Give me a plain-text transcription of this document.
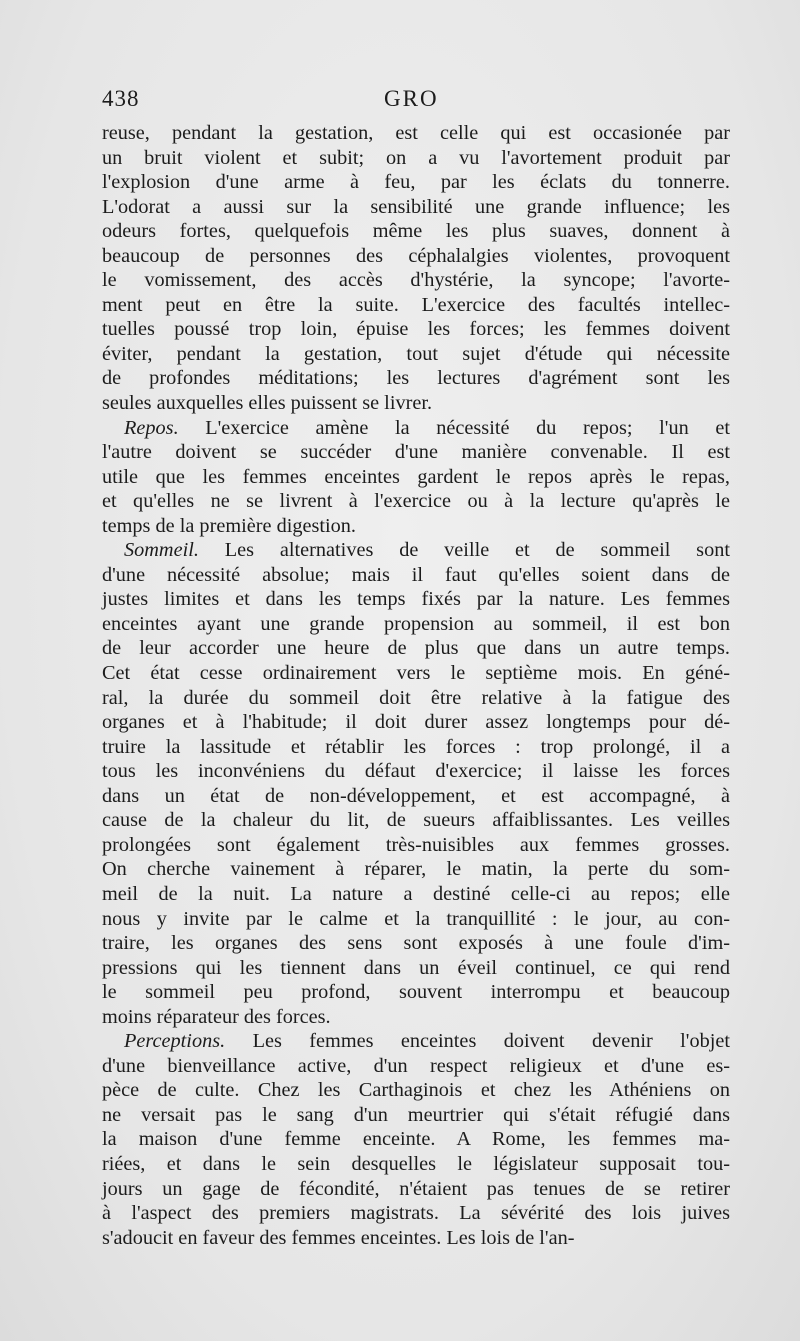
438	GRO
reuse, pendant la gestation, est celle qui est occasionée par
un bruit violent et subit; on a vu l'avortement produit par
l'explosion d'une arme à feu, par les éclats du tonnerre.
L'odorat a aussi sur la sensibilité une grande influence; les
odeurs fortes, quelquefois même les plus suaves, donnent à
beaucoup de personnes des céphalalgies violentes, provoquent
le vomissement, des accès d'hystérie, la syncope; l'avorte-
ment peut en être la suite. L'exercice des facultés intellec-
tuelles poussé trop loin, épuise les forces; les femmes doivent
éviter, pendant la gestation, tout sujet d'étude qui nécessite
de profondes méditations; les lectures d'agrément sont les
seules auxquelles elles puissent se livrer.
Repos. L'exercice amène la nécessité du repos; l'un et
l'autre doivent se succéder d'une manière convenable. Il est
utile que les femmes enceintes gardent le repos après le repas,
et qu'elles ne se livrent à l'exercice ou à la lecture qu'après le
temps de la première digestion.
Sommeil. Les alternatives de veille et de sommeil sont
d'une nécessité absolue; mais il faut qu'elles soient dans de
justes limites et dans les temps fixés par la nature. Les femmes
enceintes ayant une grande propension au sommeil, il est bon
de leur accorder une heure de plus que dans un autre temps.
Cet état cesse ordinairement vers le septième mois. En géné-
ral, la durée du sommeil doit être relative à la fatigue des
organes et à l'habitude; il doit durer assez longtemps pour dé-
truire la lassitude et rétablir les forces : trop prolongé, il a
tous les inconvéniens du défaut d'exercice; il laisse les forces
dans un état de non-développement, et est accompagné, à
cause de la chaleur du lit, de sueurs affaiblissantes. Les veilles
prolongées sont également très-nuisibles aux femmes grosses.
On cherche vainement à réparer, le matin, la perte du som-
meil de la nuit. La nature a destiné celle-ci au repos; elle
nous y invite par le calme et la tranquillité : le jour, au con-
traire, les organes des sens sont exposés à une foule d'im-
pressions qui les tiennent dans un éveil continuel, ce qui rend
le sommeil peu profond, souvent interrompu et beaucoup
moins réparateur des forces.
Perceptions. Les femmes enceintes doivent devenir l'objet
d'une bienveillance active, d'un respect religieux et d'une es-
pèce de culte. Chez les Carthaginois et chez les Athéniens on
ne versait pas le sang d'un meurtrier qui s'était réfugié dans
la maison d'une femme enceinte. A Rome, les femmes ma-
riées, et dans le sein desquelles le législateur supposait tou-
jours un gage de fécondité, n'étaient pas tenues de se retirer
à l'aspect des premiers magistrats. La sévérité des lois juives
s'adoucit en faveur des femmes enceintes. Les lois de l'an-
